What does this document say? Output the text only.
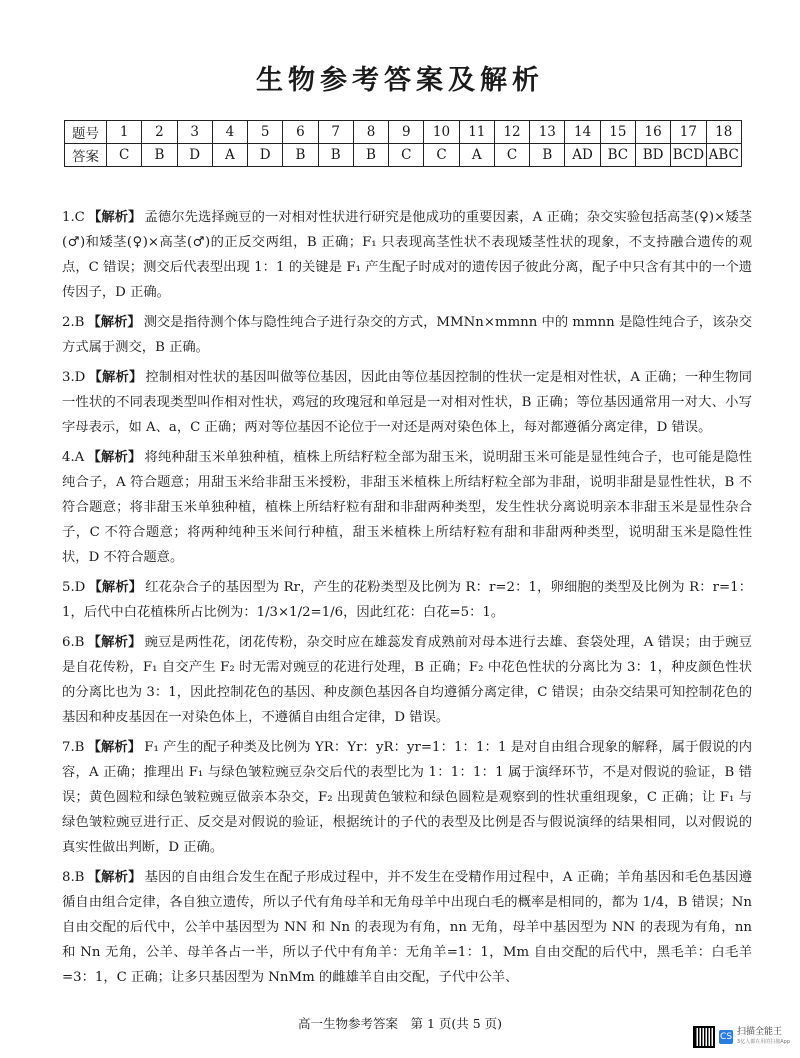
生物参考答案及解析
题号	1	2	3	4	5	6	7	8	9	10	11	12	13	14	15	16	17	18
答案	C	B	D	A	D	B	B	B	C	C	A	C	B	AD	BC	BD	BCD	ABC

1.C 【解析】 孟德尔先选择豌豆的一对相对性状进行研究是他成功的重要因素，A 正确；杂交实验包括高茎(♀)×矮茎(♂)和矮茎(♀)×高茎(♂)的正反交两组，B 正确；F₁ 只表现高茎性状不表现矮茎性状的现象，不支持融合遗传的观点，C 错误；测交后代表型出现 1：1 的关键是 F₁ 产生配子时成对的遗传因子彼此分离，配子中只含有其中的一个遗传因子，D 正确。

2.B 【解析】 测交是指待测个体与隐性纯合子进行杂交的方式，MMNn×mmnn 中的 mmnn 是隐性纯合子，该杂交方式属于测交，B 正确。

3.D 【解析】 控制相对性状的基因叫做等位基因，因此由等位基因控制的性状一定是相对性状，A 正确；一种生物同一性状的不同表现类型叫作相对性状，鸡冠的玫瑰冠和单冠是一对相对性状，B 正确；等位基因通常用一对大、小写字母表示，如 A、a，C 正确；两对等位基因不论位于一对还是两对染色体上，每对都遵循分离定律，D 错误。

4.A 【解析】 将纯种甜玉米单独种植，植株上所结籽粒全部为甜玉米，说明甜玉米可能是显性纯合子，也可能是隐性纯合子，A 符合题意；用甜玉米给非甜玉米授粉，非甜玉米植株上所结籽粒全部为非甜，说明非甜是显性性状，B 不符合题意；将非甜玉米单独种植，植株上所结籽粒有甜和非甜两种类型，发生性状分离说明亲本非甜玉米是显性杂合子，C 不符合题意；将两种纯种玉米间行种植，甜玉米植株上所结籽粒有甜和非甜两种类型，说明甜玉米是隐性性状，D 不符合题意。

5.D 【解析】 红花杂合子的基因型为 Rr，产生的花粉类型及比例为 R：r=2：1，卵细胞的类型及比例为 R：r=1：1，后代中白花植株所占比例为：1/3×1/2=1/6，因此红花：白花=5：1。

6.B 【解析】 豌豆是两性花，闭花传粉，杂交时应在雄蕊发育成熟前对母本进行去雄、套袋处理，A 错误；由于豌豆是自花传粉，F₁ 自交产生 F₂ 时无需对豌豆的花进行处理，B 正确；F₂ 中花色性状的分离比为 3：1，种皮颜色性状的分离比也为 3：1，因此控制花色的基因、种皮颜色基因各自均遵循分离定律，C 错误；由杂交结果可知控制花色的基因和种皮基因在一对染色体上，不遵循自由组合定律，D 错误。

7.B 【解析】 F₁ 产生的配子种类及比例为 YR：Yr：yR：yr=1：1：1：1 是对自由组合现象的解释，属于假说的内容，A 正确；推理出 F₁ 与绿色皱粒豌豆杂交后代的表型比为 1：1：1：1 属于演绎环节，不是对假说的验证，B 错误；黄色圆粒和绿色皱粒豌豆做亲本杂交，F₂ 出现黄色皱粒和绿色圆粒是观察到的性状重组现象，C 正确；让 F₁ 与绿色皱粒豌豆进行正、反交是对假说的验证，根据统计的子代的表型及比例是否与假说演绎的结果相同，以对假说的真实性做出判断，D 正确。

8.B 【解析】 基因的自由组合发生在配子形成过程中，并不发生在受精作用过程中，A 正确；羊角基因和毛色基因遵循自由组合定律，各自独立遗传，所以子代有角母羊和无角母羊中出现白毛的概率是相同的，都为 1/4，B 错误；Nn 自由交配的后代中，公羊中基因型为 NN 和 Nn 的表现为有角，nn 无角，母羊中基因型为 NN 的表现为有角，nn 和 Nn 无角，公羊、母羊各占一半，所以子代中有角羊：无角羊=1：1，Mm 自由交配的后代中，黑毛羊：白毛羊=3：1，C 正确；让多只基因型为 NnMm 的雌雄羊自由交配，子代中公羊、

高一生物参考答案　第 1 页(共 5 页)
CS 扫描全能王
3亿人都在用的扫描App
